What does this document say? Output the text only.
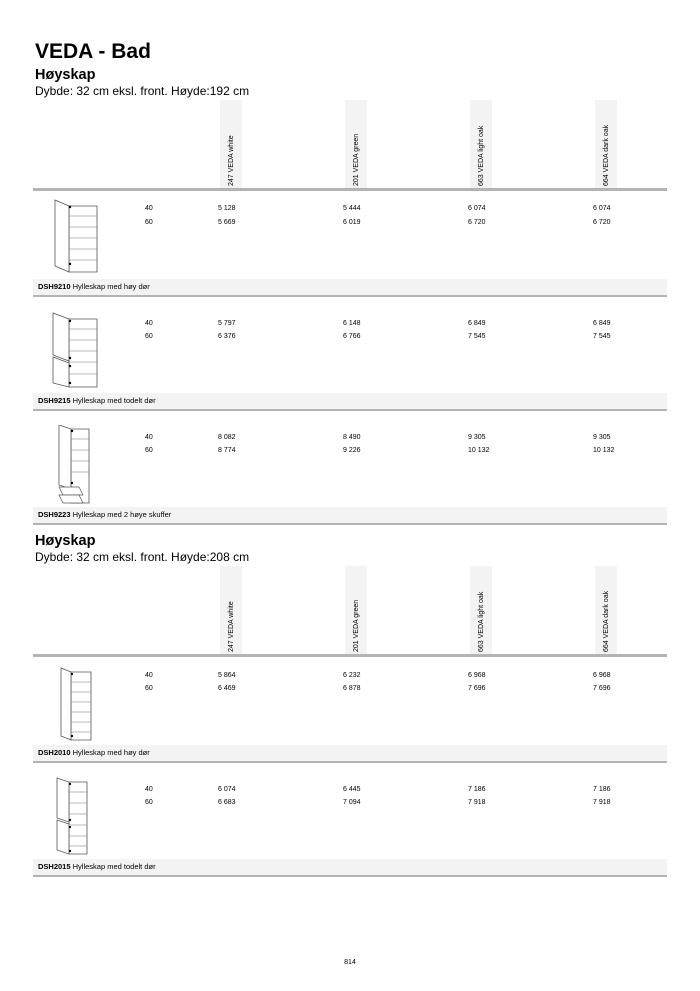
VEDA - Bad
Høyskap
Dybde: 32 cm eksl. front. Høyde:192 cm
247 VEDA white	201 VEDA green	663 VEDA light oak	664 VEDA dark oak
40	5 128	5 444	6 074	6 074
60	5 669	6 019	6 720	6 720
DSH9210 Hylleskap med høy dør
40	5 797	6 148	6 849	6 849
60	6 376	6 766	7 545	7 545
DSH9215 Hylleskap med todelt dør
40	8 082	8 490	9 305	9 305
60	8 774	9 226	10 132	10 132
DSH9223 Hylleskap med 2 høye skuffer
Høyskap
Dybde: 32 cm eksl. front. Høyde:208 cm
247 VEDA white	201 VEDA green	663 VEDA light oak	664 VEDA dark oak
40	5 864	6 232	6 968	6 968
60	6 469	6 878	7 696	7 696
DSH2010 Hylleskap med høy dør
40	6 074	6 445	7 186	7 186
60	6 683	7 094	7 918	7 918
DSH2015 Hylleskap med todelt dør
814
